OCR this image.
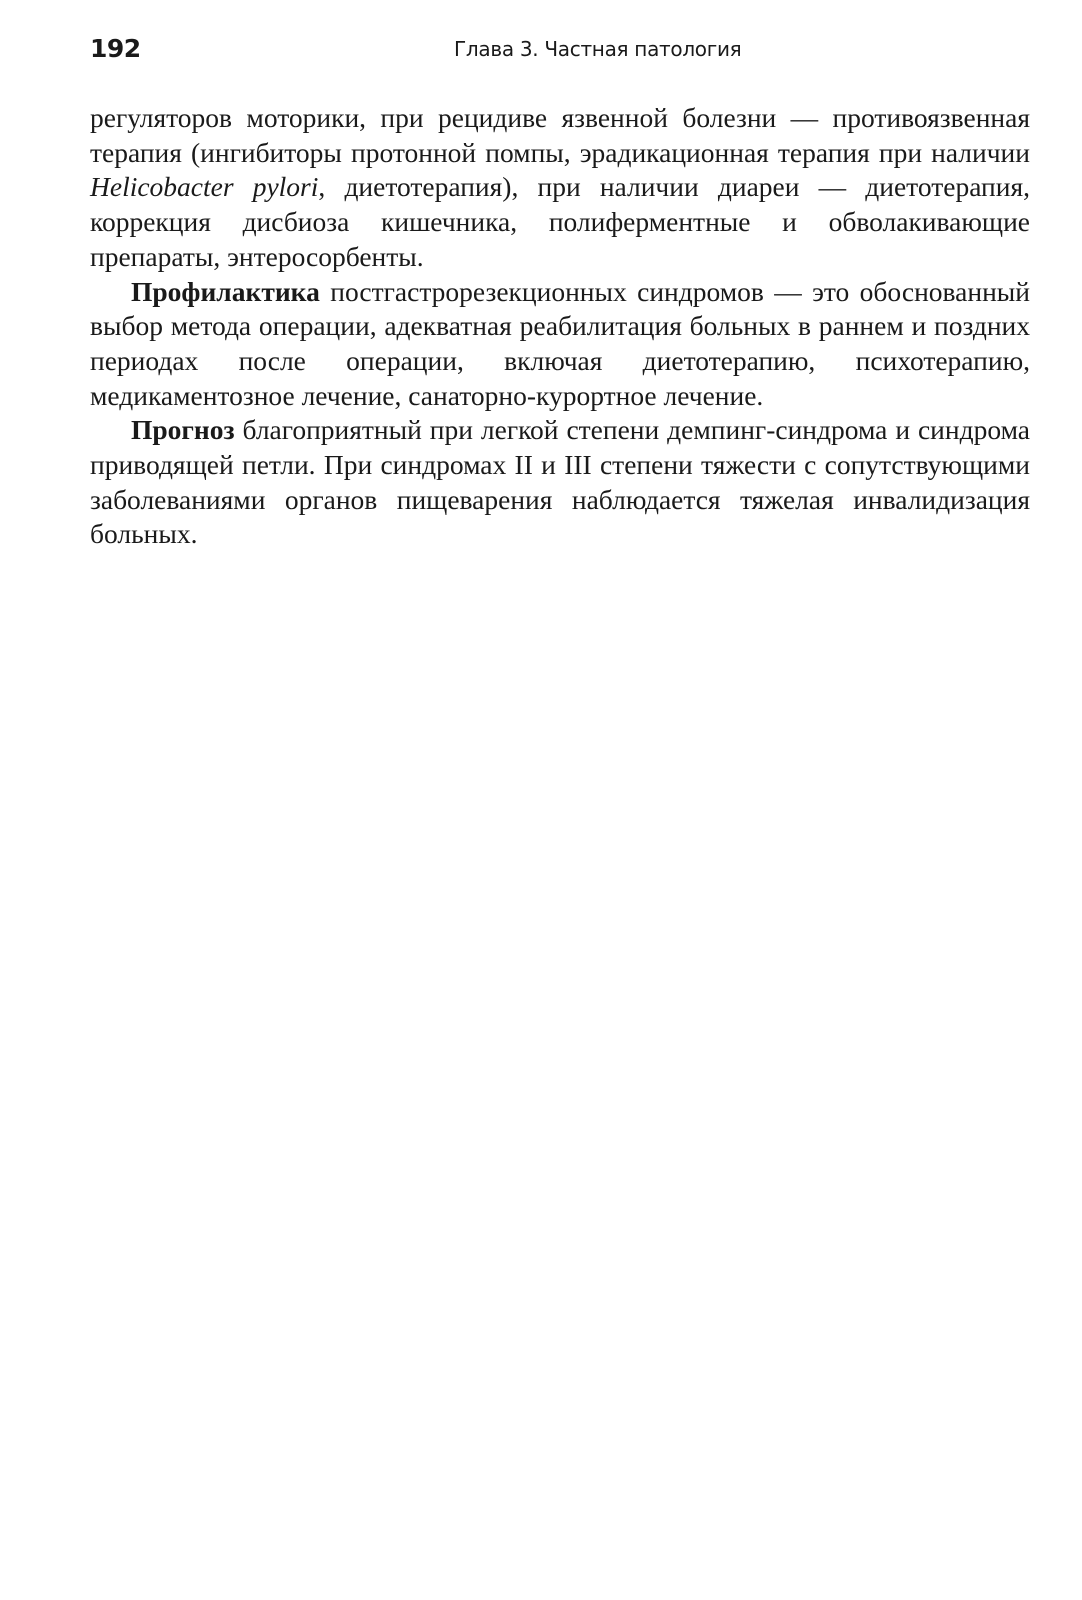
192	Глава 3. Частная патология

регуляторов моторики, при рецидиве язвенной болезни — противоязвенная терапия (ингибиторы протонной помпы, эрадикационная терапия при наличии Helicobacter pylori, диетотерапия), при наличии диареи — диетотерапия, коррекция дисбиоза кишечника, полиферментные и обволакивающие препараты, энтеросорбенты.

Профилактика постгастрорезекционных синдромов — это обоснованный выбор метода операции, адекватная реабилитация больных в раннем и поздних периодах после операции, включая диетотерапию, психотерапию, медикаментозное лечение, санаторно-курортное лечение.

Прогноз благоприятный при легкой степени демпинг-синдрома и синдрома приводящей петли. При синдромах II и III степени тяжести с сопутствующими заболеваниями органов пищеварения наблюдается тяжелая инвалидизация больных.
